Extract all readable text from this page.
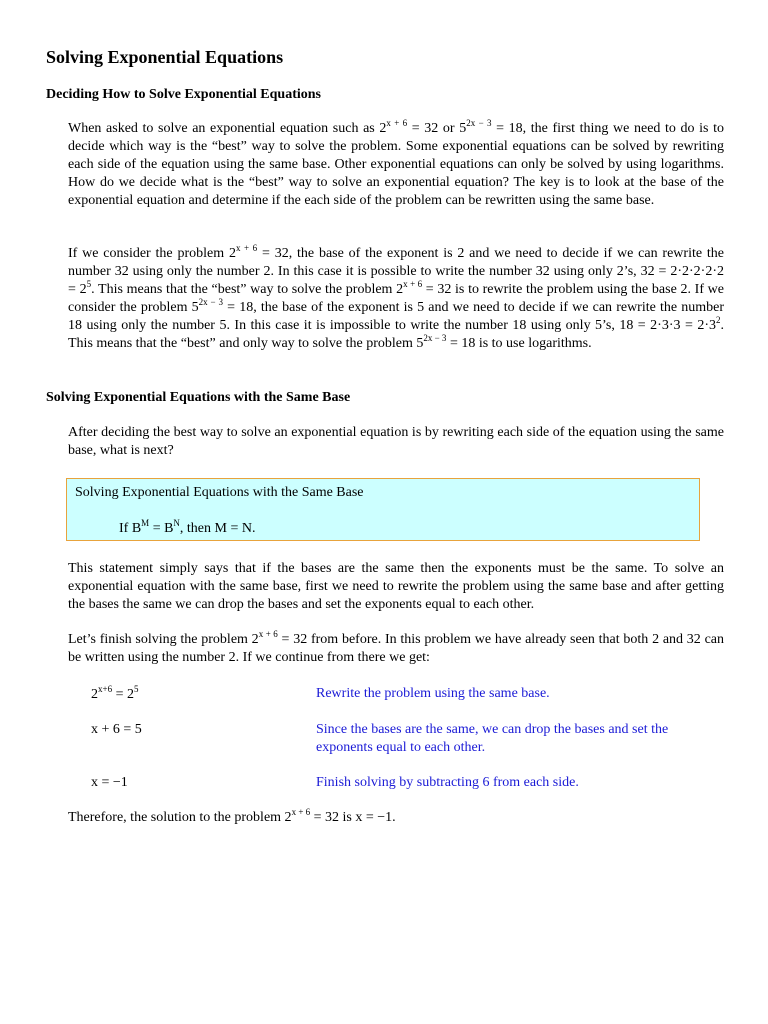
Solving Exponential Equations
Deciding How to Solve Exponential Equations

When asked to solve an exponential equation such as $2^{x + 6} = 32$ or $5^{2x - 3} = 18$, the first thing we need to do is to decide which way is the “best” way to solve the problem. Some exponential equations can be solved by rewriting each side of the equation using the same base. Other exponential equations can only be solved by using logarithms. How do we decide what is the “best” way to solve an exponential equation? The key is to look at the base of the exponential equation and determine if the each side of the problem can be rewritten using the same base.

If we consider the problem $2^{x + 6} = 32$, the base of the exponent is 2 and we need to decide if we can rewrite the number 32 using only the number 2. In this case it is possible to write the number 32 using only 2’s, $32 = 2\cdot 2\cdot 2\cdot 2\cdot 2 = 2^5$. This means that the “best” way to solve the problem $2^{x + 6} = 32$ is to rewrite the problem using the base 2. If we consider the problem $5^{2x - 3} = 18$, the base of the exponent is 5 and we need to decide if we can rewrite the number 18 using only the number 5. In this case it is impossible to write the number 18 using only 5’s, $18 = 2\cdot 3\cdot 3 = 2\cdot 3^2$. This means that the “best” and only way to solve the problem $5^{2x - 3} = 18$ is to use logarithms.

Solving Exponential Equations with the Same Base

After deciding the best way to solve an exponential equation is by rewriting each side of the equation using the same base, what is next?

Solving Exponential Equations with the Same Base
If $B^M = B^N$, then M = N.

This statement simply says that if the bases are the same then the exponents must be the same. To solve an exponential equation with the same base, first we need to rewrite the problem using the same base and after getting the bases the same we can drop the bases and set the exponents equal to each other.

Let’s finish solving the problem $2^{x + 6} = 32$ from before. In this problem we have already seen that both 2 and 32 can be written using the number 2. If we continue from there we get:

$2^{x+6} = 2^5$	Rewrite the problem using the same base.
x + 6 = 5	Since the bases are the same, we can drop the bases and set the exponents equal to each other.
x = −1	Finish solving by subtracting 6 from each side.

Therefore, the solution to the problem $2^{x + 6} = 32$ is x = −1.
